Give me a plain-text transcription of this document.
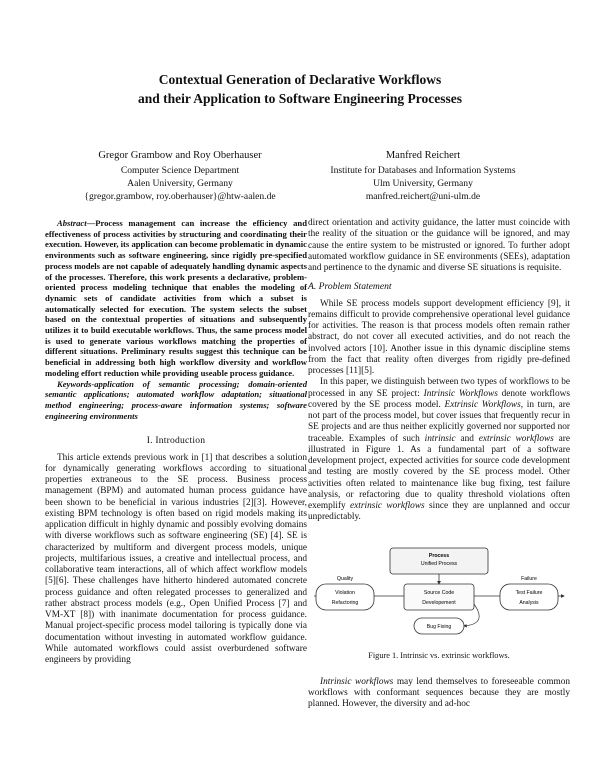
Contextual Generation of Declarative Workflows
and their Application to Software Engineering Processes
Gregor Grambow and Roy Oberhauser
Computer Science Department
Aalen University, Germany
{gregor.grambow, roy.oberhauser}@htw-aalen.de
Manfred Reichert
Institute for Databases and Information Systems
Ulm University, Germany
manfred.reichert@uni-ulm.de

Abstract—Process management can increase the efficiency and effectiveness of process activities by structuring and coordinating their execution. However, its application can become problematic in dynamic environments such as software engineering, since rigidly pre-specified process models are not capable of adequately handling dynamic aspects of the processes. Therefore, this work presents a declarative, problem-oriented process modeling technique that enables the modeling of dynamic sets of candidate activities from which a subset is automatically selected for execution. The system selects the subset based on the contextual properties of situations and subsequently utilizes it to build executable workflows. Thus, the same process model is used to generate various workflows matching the properties of different situations. Preliminary results suggest this technique can be beneficial in addressing both high workflow diversity and workflow modeling effort reduction while providing useable process guidance.

Keywords-application of semantic processing; domain-oriented semantic applications; automated workflow adaptation; situational method engineering; process-aware information systems; software engineering environments

I. Introduction

This article extends previous work in [1] that describes a solution for dynamically generating workflows according to situational properties extraneous to the SE process. Business process management (BPM) and automated human process guidance have been shown to be beneficial in various industries [2][3]. However, existing BPM technology is often based on rigid models making its application difficult in highly dynamic and possibly evolving domains with diverse workflows such as software engineering (SE) [4]. SE is characterized by multiform and divergent process models, unique projects, multifarious issues, a creative and intellectual process, and collaborative team interactions, all of which affect workflow models [5][6]. These challenges have hitherto hindered automated concrete process guidance and often relegated processes to generalized and rather abstract process models (e.g., Open Unified Process [7] and VM-XT [8]) with inanimate documentation for process guidance. Manual project-specific process model tailoring is typically done via documentation without investing in automated workflow guidance. While automated workflows could assist overburdened software engineers by providing

direct orientation and activity guidance, the latter must coincide with the reality of the situation or the guidance will be ignored, and may cause the entire system to be mistrusted or ignored. To further adopt automated workflow guidance in SE environments (SEEs), adaptation and pertinence to the dynamic and diverse SE situations is requisite.

A. Problem Statement

While SE process models support development efficiency [9], it remains difficult to provide comprehensive operational level guidance for activities. The reason is that process models often remain rather abstract, do not cover all executed activities, and do not reach the involved actors [10]. Another issue in this dynamic discipline stems from the fact that reality often diverges from rigidly pre-defined processes [11][5].

In this paper, we distinguish between two types of workflows to be processed in any SE project: Intrinsic Workflows denote workflows covered by the SE process model. Extrinsic Workflows, in turn, are not part of the process model, but cover issues that frequently recur in SE projects and are thus neither explicitly governed nor supported nor traceable. Examples of such intrinsic and extrinsic workflows are illustrated in Figure 1. As a fundamental part of a software development project, expected activities for source code development and testing are mostly covered by the SE process model. Other activities often related to maintenance like bug fixing, test failure analysis, or refactoring due to quality threshold violations often exemplify extrinsic workflows since they are unplanned and occur unpredictably.

Process
Unified Process
Quality
Violation
Refactoring
Source Code
Developement
Failure
Test Failure
Analysis
Bug Fixing
Figure 1. Intrinsic vs. extrinsic workflows.

Intrinsic workflows may lend themselves to foreseeable common workflows with conformant sequences because they are mostly planned. However, the diversity and ad-hoc
